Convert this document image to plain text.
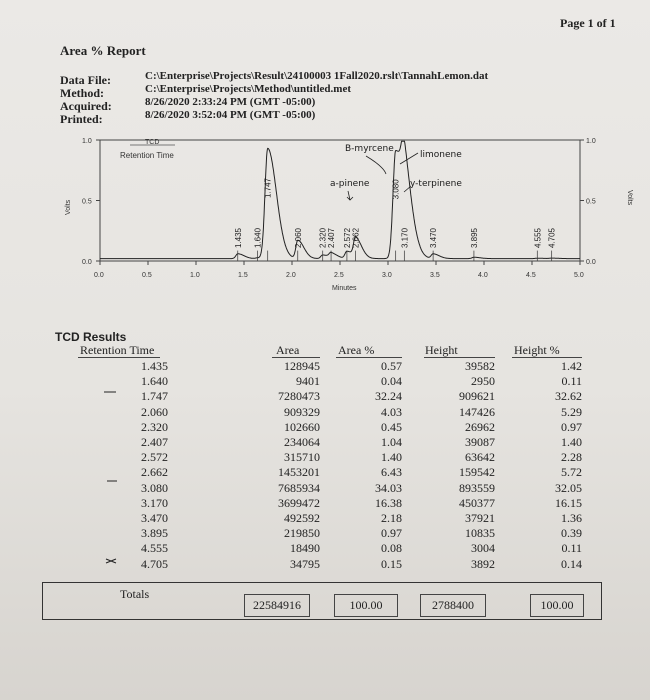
Page 1 of 1
Area % Report
Data File:	C:\Enterprise\Projects\Result\24100003 1Fall2020.rslt\TannahLemon.dat
Method:	C:\Enterprise\Projects\Method\untitled.met
Acquired:	8/26/2020 2:33:24 PM (GMT -05:00)
Printed:	8/26/2020 3:52:04 PM (GMT -05:00)
TCD
Retention Time
Volts
Volts
Minutes
0.0	0.5	1.0	1.5	2.0	2.5	3.0	3.5	4.0	4.5	5.0
0.0
0.5
1.0
0.0
0.5
1.0
1.435 1.640
1.747
2.060 2.320 2.407 2.572 2.662
3.080
3.170 3.470	3.895	4.555 4.705
B-myrcene
a-pinene
limonene
y-terpinene
TCD Results
Retention Time	Area	Area %	Height	Height %
1.435	128945	0.57	39582	1.42
1.640	9401	0.04	2950	0.11
1.747	7280473	32.24	909621	32.62
2.060	909329	4.03	147426	5.29
2.320	102660	0.45	26962	0.97
2.407	234064	1.04	39087	1.40
2.572	315710	1.40	63642	2.28
2.662	1453201	6.43	159542	5.72
3.080	7685934	34.03	893559	32.05
3.170	3699472	16.38	450377	16.15
3.470	492592	2.18	37921	1.36
3.895	219850	0.97	10835	0.39
4.555	18490	0.08	3004	0.11
4.705	34795	0.15	3892	0.14
Totals
22584916	100.00	2788400	100.00
